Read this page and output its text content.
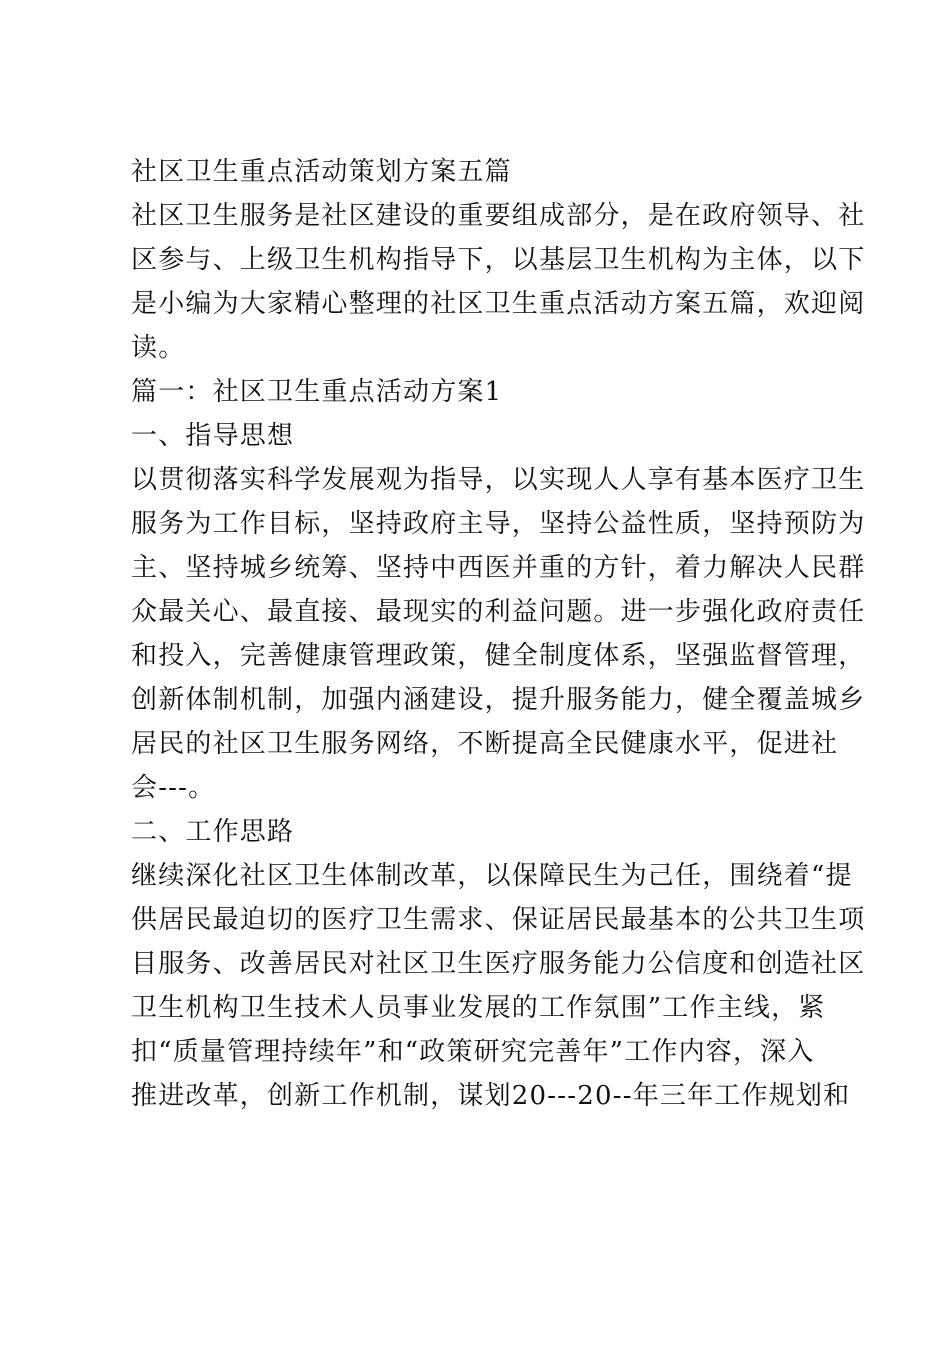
社区卫生重点活动策划方案五篇
社区卫生服务是社区建设的重要组成部分，是在政府领导、社
区参与、上级卫生机构指导下，以基层卫生机构为主体，以下
是小编为大家精心整理的社区卫生重点活动方案五篇，欢迎阅
读。
篇一：社区卫生重点活动方案1
一、指导思想
以贯彻落实科学发展观为指导，以实现人人享有基本医疗卫生
服务为工作目标，坚持政府主导，坚持公益性质，坚持预防为
主、坚持城乡统筹、坚持中西医并重的方针，着力解决人民群
众最关心、最直接、最现实的利益问题。进一步强化政府责任
和投入，完善健康管理政策，健全制度体系，坚强监督管理，
创新体制机制，加强内涵建设，提升服务能力，健全覆盖城乡
居民的社区卫生服务网络，不断提高全民健康水平，促进社
会---。
二、工作思路
继续深化社区卫生体制改革，以保障民生为己任，围绕着“提
供居民最迫切的医疗卫生需求、保证居民最基本的公共卫生项
目服务、改善居民对社区卫生医疗服务能力公信度和创造社区
卫生机构卫生技术人员事业发展的工作氛围”工作主线，紧
扣“质量管理持续年”和“政策研究完善年”工作内容，深入
推进改革，创新工作机制，谋划20---20--年三年工作规划和
